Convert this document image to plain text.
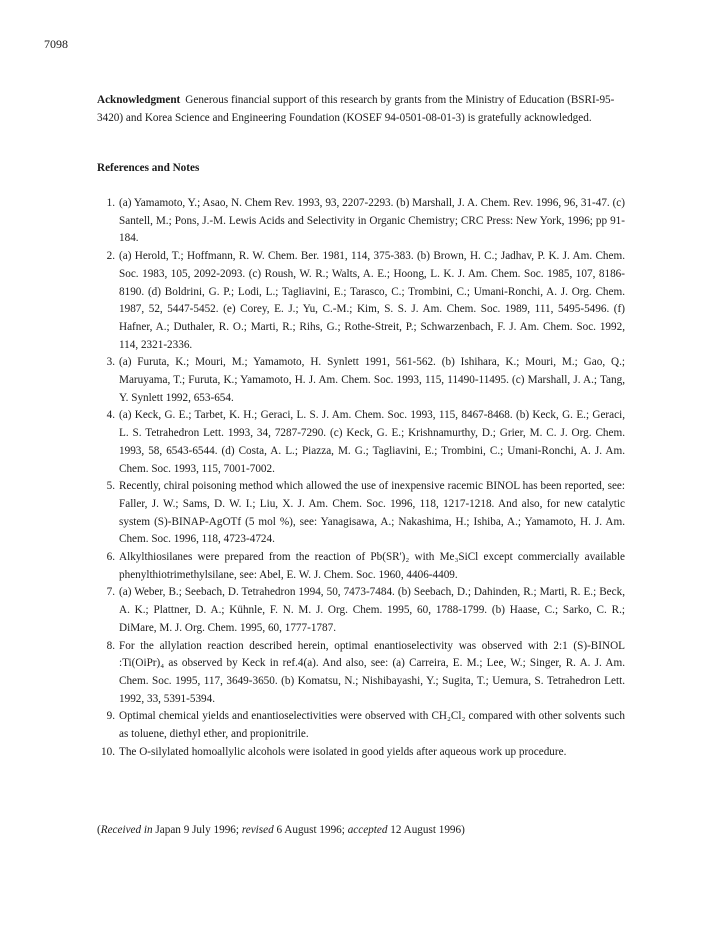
7098

Acknowledgment Generous financial support of this research by grants from the Ministry of Education (BSRI-95-3420) and Korea Science and Engineering Foundation (KOSEF 94-0501-08-01-3) is gratefully acknowledged.

References and Notes
1. (a) Yamamoto, Y.; Asao, N. Chem Rev. 1993, 93, 2207-2293. (b) Marshall, J. A. Chem. Rev. 1996, 96, 31-47. (c) Santell, M.; Pons, J.-M. Lewis Acids and Selectivity in Organic Chemistry; CRC Press: New York, 1996; pp 91-184.
2. (a) Herold, T.; Hoffmann, R. W. Chem. Ber. 1981, 114, 375-383. (b) Brown, H. C.; Jadhav, P. K. J. Am. Chem. Soc. 1983, 105, 2092-2093. (c) Roush, W. R.; Walts, A. E.; Hoong, L. K. J. Am. Chem. Soc. 1985, 107, 8186-8190. (d) Boldrini, G. P.; Lodi, L.; Tagliavini, E.; Tarasco, C.; Trombini, C.; Umani-Ronchi, A. J. Org. Chem. 1987, 52, 5447-5452. (e) Corey, E. J.; Yu, C.-M.; Kim, S. S. J. Am. Chem. Soc. 1989, 111, 5495-5496. (f) Hafner, A.; Duthaler, R. O.; Marti, R.; Rihs, G.; Rothe-Streit, P.; Schwarzenbach, F. J. Am. Chem. Soc. 1992, 114, 2321-2336.
3. (a) Furuta, K.; Mouri, M.; Yamamoto, H. Synlett 1991, 561-562. (b) Ishihara, K.; Mouri, M.; Gao, Q.; Maruyama, T.; Furuta, K.; Yamamoto, H. J. Am. Chem. Soc. 1993, 115, 11490-11495. (c) Marshall, J. A.; Tang, Y. Synlett 1992, 653-654.
4. (a) Keck, G. E.; Tarbet, K. H.; Geraci, L. S. J. Am. Chem. Soc. 1993, 115, 8467-8468. (b) Keck, G. E.; Geraci, L. S. Tetrahedron Lett. 1993, 34, 7287-7290. (c) Keck, G. E.; Krishnamurthy, D.; Grier, M. C. J. Org. Chem. 1993, 58, 6543-6544. (d) Costa, A. L.; Piazza, M. G.; Tagliavini, E.; Trombini, C.; Umani-Ronchi, A. J. Am. Chem. Soc. 1993, 115, 7001-7002.
5. Recently, chiral poisoning method which allowed the use of inexpensive racemic BINOL has been reported, see: Faller, J. W.; Sams, D. W. I.; Liu, X. J. Am. Chem. Soc. 1996, 118, 1217-1218. And also, for new catalytic system (S)-BINAP-AgOTf (5 mol %), see: Yanagisawa, A.; Nakashima, H.; Ishiba, A.; Yamamoto, H. J. Am. Chem. Soc. 1996, 118, 4723-4724.
6. Alkylthiosilanes were prepared from the reaction of Pb(SR')₂ with Me₃SiCl except commercially available phenylthiotrimethylsilane, see: Abel, E. W. J. Chem. Soc. 1960, 4406-4409.
7. (a) Weber, B.; Seebach, D. Tetrahedron 1994, 50, 7473-7484. (b) Seebach, D.; Dahinden, R.; Marti, R. E.; Beck, A. K.; Plattner, D. A.; Kühnle, F. N. M. J. Org. Chem. 1995, 60, 1788-1799. (b) Haase, C.; Sarko, C. R.; DiMare, M. J. Org. Chem. 1995, 60, 1777-1787.
8. For the allylation reaction described herein, optimal enantioselectivity was observed with 2:1 (S)-BINOL :Ti(OiPr)₄ as observed by Keck in ref.4(a). And also, see: (a) Carreira, E. M.; Lee, W.; Singer, R. A. J. Am. Chem. Soc. 1995, 117, 3649-3650. (b) Komatsu, N.; Nishibayashi, Y.; Sugita, T.; Uemura, S. Tetrahedron Lett. 1992, 33, 5391-5394.
9. Optimal chemical yields and enantioselectivities were observed with CH₂Cl₂ compared with other solvents such as toluene, diethyl ether, and propionitrile.
10. The O-silylated homoallylic alcohols were isolated in good yields after aqueous work up procedure.

(Received in Japan 9 July 1996; revised 6 August 1996; accepted 12 August 1996)
